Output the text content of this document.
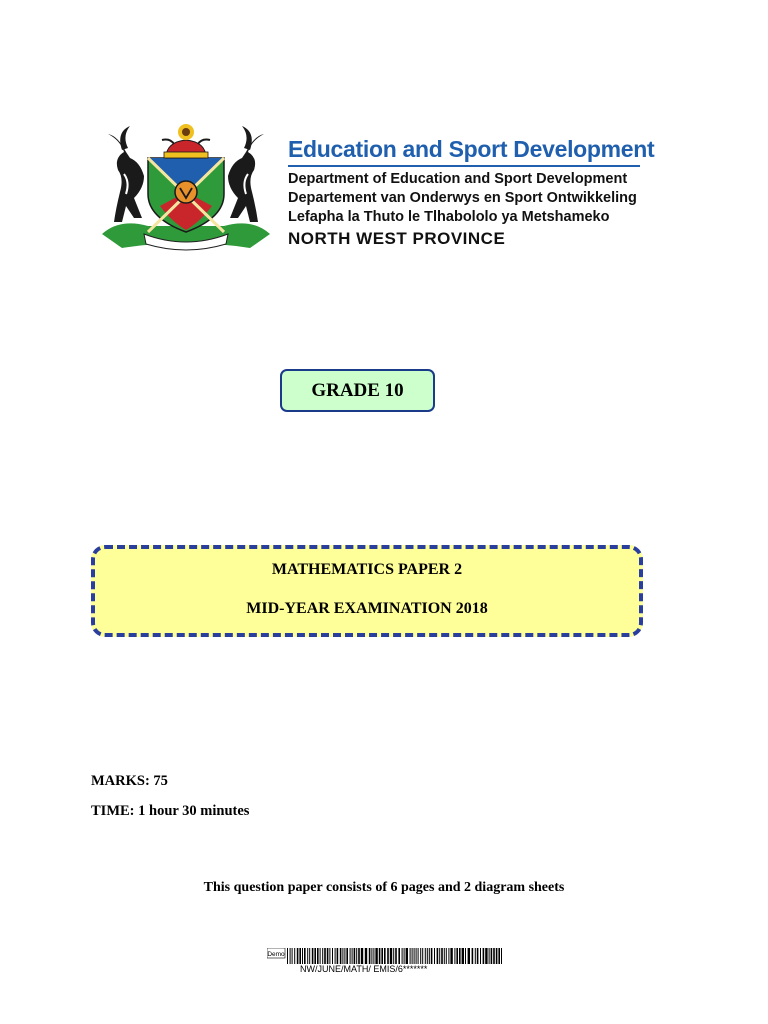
Education and Sport Development
Department of Education and Sport Development
Departement van Onderwys en Sport Ontwikkeling
Lefapha la Thuto le Tlhabololo ya Metshameko
NORTH WEST PROVINCE
GRADE 10
MATHEMATICS PAPER 2
MID-YEAR EXAMINATION 2018
MARKS: 75
TIME: 1 hour 30 minutes
This question paper consists of 6 pages and 2 diagram sheets
Demo
NW/JUNE/MATH/ EMIS/6*******
